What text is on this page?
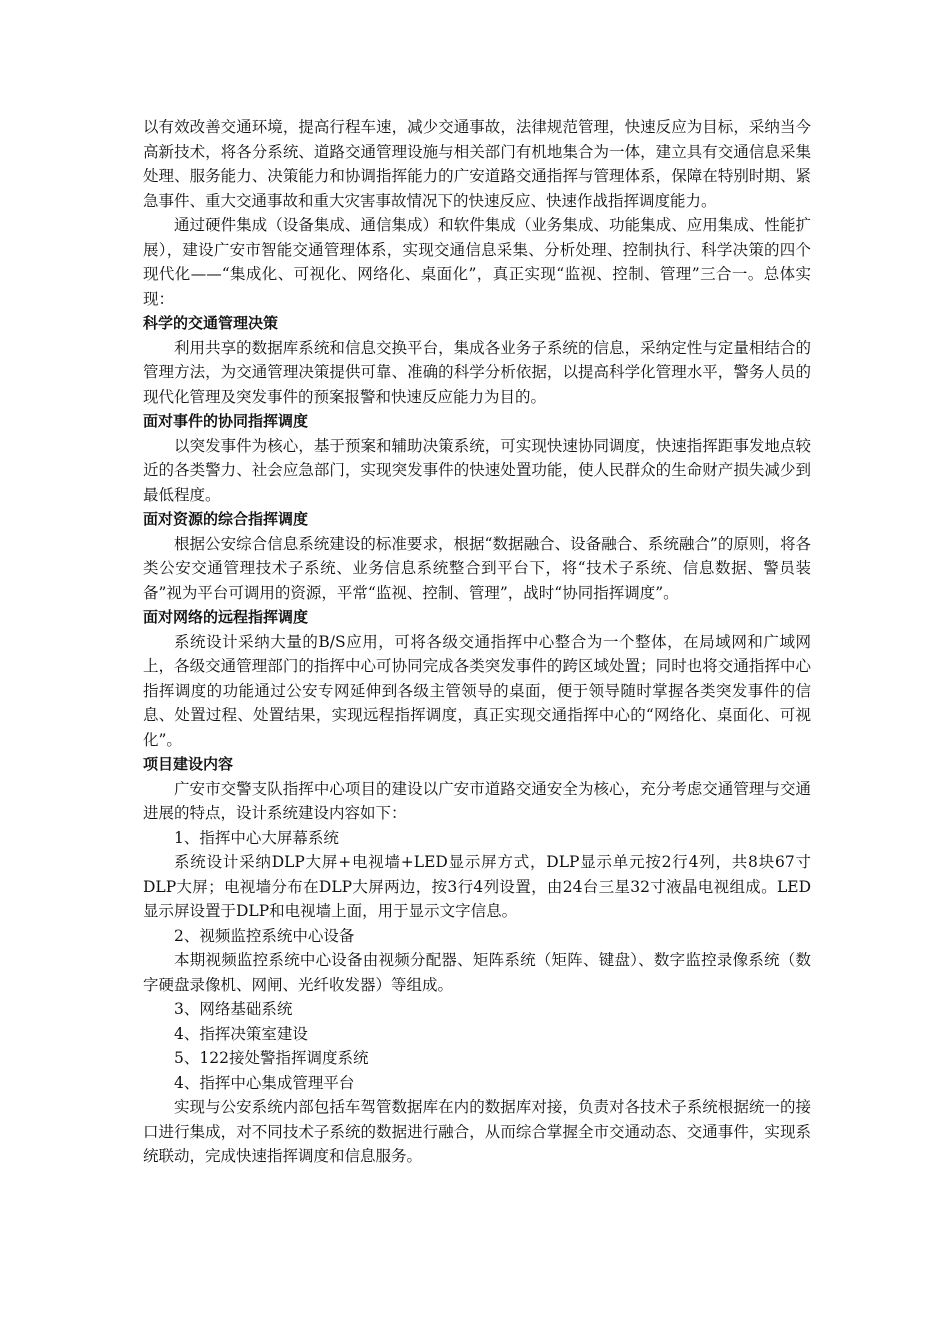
以有效改善交通环境，提高行程车速，减少交通事故，法律规范管理，快速反应为目标，采纳当今高新技术，将各分系统、道路交通管理设施与相关部门有机地集合为一体，建立具有交通信息采集处理、服务能力、决策能力和协调指挥能力的广安道路交通指挥与管理体系，保障在特别时期、紧急事件、重大交通事故和重大灾害事故情况下的快速反应、快速作战指挥调度能力。

通过硬件集成（设备集成、通信集成）和软件集成（业务集成、功能集成、应用集成、性能扩展），建设广安市智能交通管理体系，实现交通信息采集、分析处理、控制执行、科学决策的四个现代化——“集成化、可视化、网络化、桌面化”，真正实现“监视、控制、管理”三合一。总体实现：

科学的交通管理决策

利用共享的数据库系统和信息交换平台，集成各业务子系统的信息，采纳定性与定量相结合的管理方法，为交通管理决策提供可靠、准确的科学分析依据，以提高科学化管理水平，警务人员的现代化管理及突发事件的预案报警和快速反应能力为目的。

面对事件的协同指挥调度

以突发事件为核心，基于预案和辅助决策系统，可实现快速协同调度，快速指挥距事发地点较近的各类警力、社会应急部门，实现突发事件的快速处置功能，使人民群众的生命财产损失减少到最低程度。

面对资源的综合指挥调度

根据公安综合信息系统建设的标准要求，根据“数据融合、设备融合、系统融合”的原则，将各类公安交通管理技术子系统、业务信息系统整合到平台下，将“技术子系统、信息数据、警员装备”视为平台可调用的资源，平常“监视、控制、管理”，战时“协同指挥调度”。

面对网络的远程指挥调度

系统设计采纳大量的B/S应用，可将各级交通指挥中心整合为一个整体，在局域网和广域网上，各级交通管理部门的指挥中心可协同完成各类突发事件的跨区域处置；同时也将交通指挥中心指挥调度的功能通过公安专网延伸到各级主管领导的桌面，便于领导随时掌握各类突发事件的信息、处置过程、处置结果，实现远程指挥调度，真正实现交通指挥中心的“网络化、桌面化、可视化”。

项目建设内容

广安市交警支队指挥中心项目的建设以广安市道路交通安全为核心，充分考虑交通管理与交通进展的特点，设计系统建设内容如下：

1、指挥中心大屏幕系统

系统设计采纳DLP大屏+电视墙+LED显示屏方式，DLP显示单元按2行4列，共8块67寸DLP大屏；电视墙分布在DLP大屏两边，按3行4列设置，由24台三星32寸液晶电视组成。LED显示屏设置于DLP和电视墙上面，用于显示文字信息。

2、视频监控系统中心设备

本期视频监控系统中心设备由视频分配器、矩阵系统（矩阵、键盘）、数字监控录像系统（数字硬盘录像机、网闸、光纤收发器）等组成。

3、网络基础系统

4、指挥决策室建设

5、122接处警指挥调度系统

4、指挥中心集成管理平台

实现与公安系统内部包括车驾管数据库在内的数据库对接，负责对各技术子系统根据统一的接口进行集成，对不同技术子系统的数据进行融合，从而综合掌握全市交通动态、交通事件，实现系统联动，完成快速指挥调度和信息服务。
